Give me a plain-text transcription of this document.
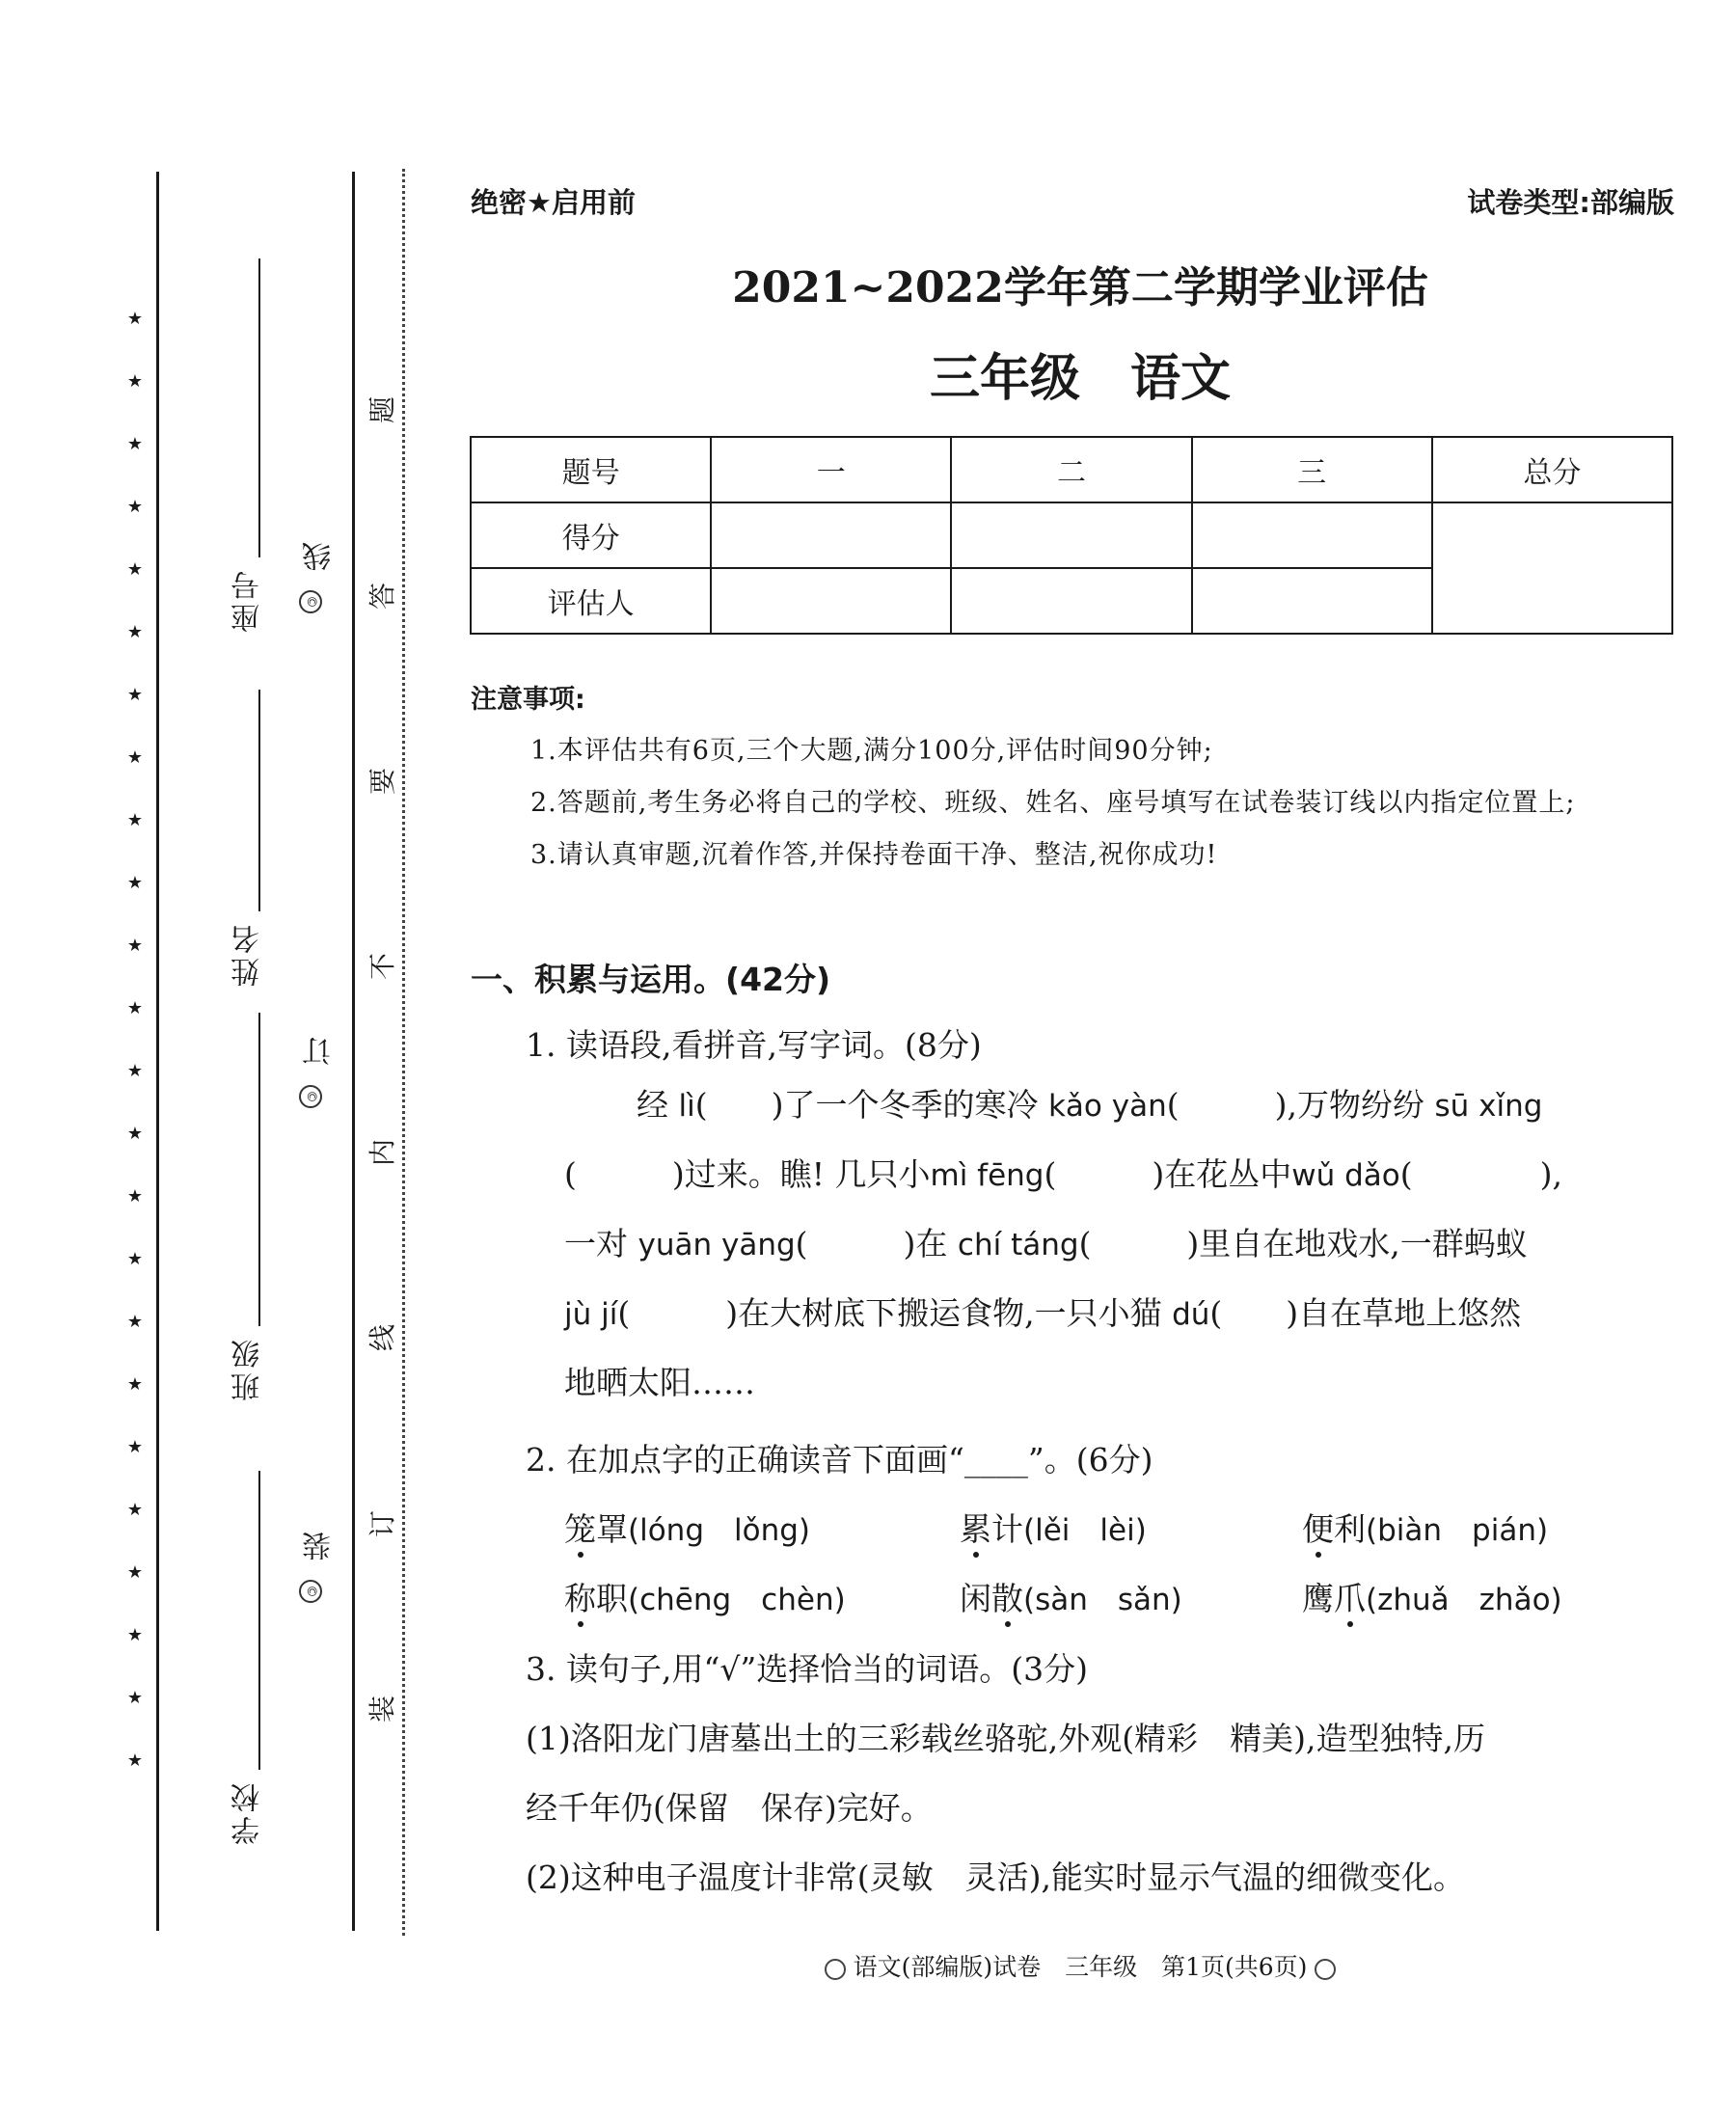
★
★
★
★
★
★
★
★
★
★
★
★
★
★
★
★
★
★
★
★
★
★
★
★
座号
姓名
班级
学校
线
©
订
©
装
©
题
答
要
不
内
线
订
装
绝密★启用前	试卷类型:部编版
2021~2022学年第二学期学业评估
三年级　语文
题号	一	二	三	总分
得分				
评估人				
注意事项:
1.本评估共有6页,三个大题,满分100分,评估时间90分钟;
2.答题前,考生务必将自己的学校、班级、姓名、座号填写在试卷装订线以内指定位置上;
3.请认真审题,沉着作答,并保持卷面干净、整洁,祝你成功!
一、积累与运用。(42分)
1. 读语段,看拼音,写字词。(8分)
经 lì(　　)了一个冬季的寒冷 kǎo yàn(　　　),万物纷纷 sū xǐng
(　　　)过来。瞧! 几只小mì fēng(　　　)在花丛中wǔ dǎo(　　　　),
一对 yuān yāng(　　　)在 chí táng(　　　)里自在地戏水,一群蚂蚁
jù jí(　　　)在大树底下搬运食物,一只小猫 dú(　　)自在草地上悠然
地晒太阳……
2. 在加点字的正确读音下面画“____”。(6分)
笼罩(lóng　lǒng)	累计(lěi　lèi)	便利(biàn　pián)
称职(chēng　chèn)	闲散(sàn　sǎn)	鹰爪(zhuǎ　zhǎo)
3. 读句子,用“√”选择恰当的词语。(3分)
(1)洛阳龙门唐墓出土的三彩载丝骆驼,外观(精彩　精美),造型独特,历
经千年仍(保留　保存)完好。
(2)这种电子温度计非常(灵敏　灵活),能实时显示气温的细微变化。
语文(部编版)试卷　三年级　第1页(共6页)
